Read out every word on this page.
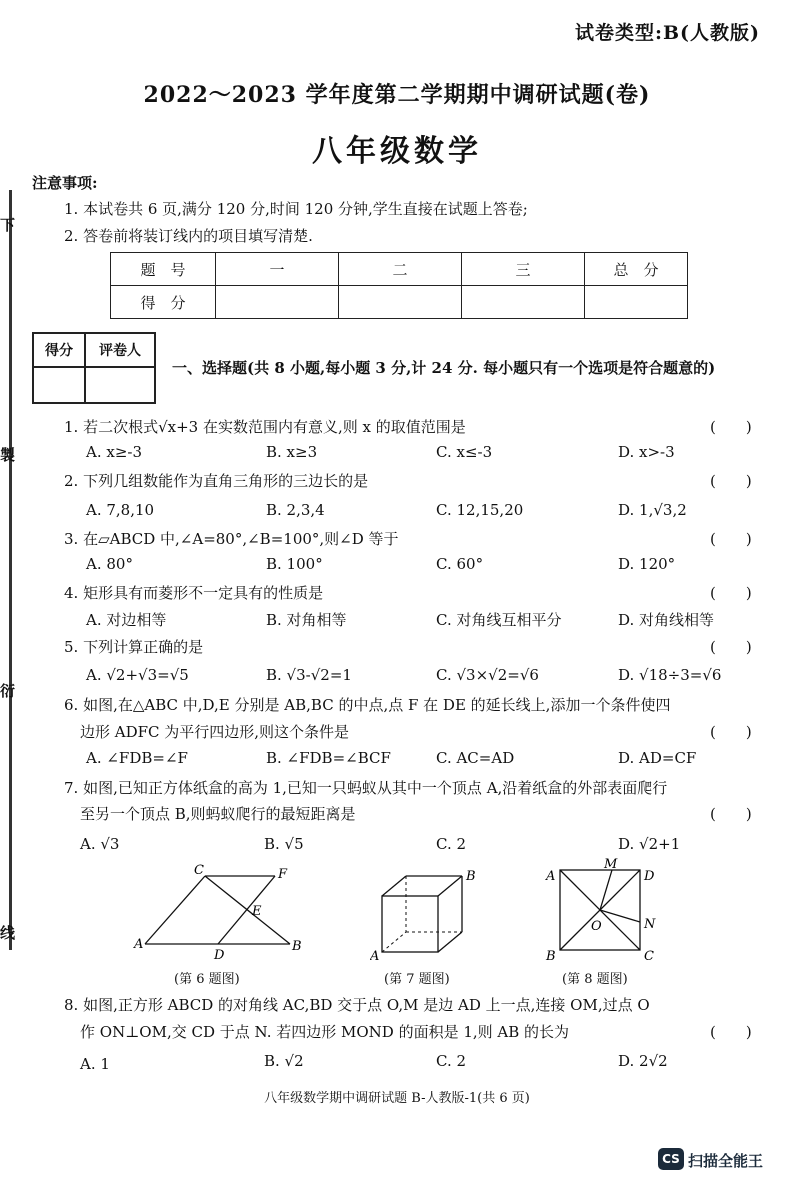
试卷类型:B(人教版)
2022～2023 学年度第二学期期中调研试题(卷)
八年级数学
下
製
衍
线
注意事项:
1. 本试卷共 6 页,满分 120 分,时间 120 分钟,学生直接在试题上答卷;
2. 答卷前将装订线内的项目填写清楚.
题　号	一	二	三	总　分
得　分				
得分	评卷人

一、选择题(共 8 小题,每小题 3 分,计 24 分. 每小题只有一个选项是符合题意的)
1. 若二次根式√x+3 在实数范围内有意义,则 x 的取值范围是	(　　)
A. x≥-3	B. x≥3	C. x≤-3	D. x>-3
2. 下列几组数能作为直角三角形的三边长的是	(　　)
A. 7,8,10	B. 2,3,4	C. 12,15,20	D. 1,√3,2
3. 在▱ABCD 中,∠A=80°,∠B=100°,则∠D 等于	(　　)
A. 80°	B. 100°	C. 60°	D. 120°
4. 矩形具有而菱形不一定具有的性质是	(　　)
A. 对边相等	B. 对角相等	C. 对角线互相平分	D. 对角线相等
5. 下列计算正确的是	(　　)
A. √2+√3=√5	B. √3-√2=1	C. √3×√2=√6	D. √18÷3=√6
6. 如图,在△ABC 中,D,E 分别是 AB,BC 的中点,点 F 在 DE 的延长线上,添加一个条件使四
边形 ADFC 为平行四边形,则这个条件是	(　　)
A. ∠FDB=∠F	B. ∠FDB=∠BCF	C. AC=AD	D. AD=CF
7. 如图,已知正方体纸盒的高为 1,已知一只蚂蚁从其中一个顶点 A,沿着纸盒的外部表面爬行
至另一个顶点 B,则蚂蚁爬行的最短距离是	(　　)
A. √3	B. √5	C. 2	D. √2+1
C	F
E
A
D
B
(第 6 题图)
B
A
(第 7 题图)
A
M
D
O	N
B	C
(第 8 题图)
8. 如图,正方形 ABCD 的对角线 AC,BD 交于点 O,M 是边 AD 上一点,连接 OM,过点 O
作 ON⊥OM,交 CD 于点 N. 若四边形 MOND 的面积是 1,则 AB 的长为	(　　)
A. 1	B. √2	C. 2	D. 2√2
八年级数学期中调研试题 B-人教版-1(共 6 页)
CS 扫描全能王
